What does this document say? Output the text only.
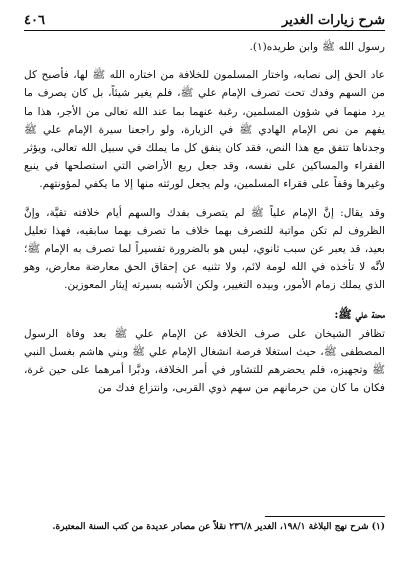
شرح زيارات الغدير
٤٠٦

رسول الله ﷺ وابن طريده(١).

عاد الحق إلى نصابه، واختار المسلمون للخلافة من اختاره الله ﷺ لها، فأصبح كل من السهم وفدك تحت تصرف الإمام علي ﷺ، فلم يغير شيئاً، بل كان يصرف ما يرد منهما في شؤون المسلمين، رغبة عنهما بما عند الله تعالى من الأجر، هذا ما يفهم من نص الإمام الهادي ﷺ في الزيارة، ولو راجعنا سيرة الإمام علي ﷺ وجدناها تتفق مع هذا النص، فقد كان ينفق كل ما يملك في سبيل الله تعالى، ويؤثر الفقراء والمساكين على نفسه، وقد جعل ريع الأراضي التي استصلحها في ينبع وغيرها وقفاً على فقراء المسلمين، ولم يجعل لورثته منها إلا ما يكفي لمؤونتهم.

وقد يقال: إنَّ الإمام علياً ﷺ لم يتصرف بفدك والسهم أيام خلافته تقيَّة، وإنَّ الظروف لم تكن مواتية للتصرف بهما خلاف ما تصرف بهما سابقيه، فهذا تعليل بعيد، قد يعبر عن سبب ثانوي، ليس هو بالضرورة تفسيراً لما تصرف به الإمام ﷺ؛ لأنَّه لا تأخذه في الله لومة لائم، ولا تثنيه عن إحقاق الحق معارضة معارض، وهو الذي يملك زمام الأمور، وبيده التغيير، ولكن الأشبه بسيرته إيثار المعوزين.

محنة علي ﷺ:

تظافر الشيخان على صرف الخلافة عن الإمام علي ﷺ بعد وفاة الرسول المصطفى ﷺ، حيث استغلا فرصة انشغال الإمام علي ﷺ وبني هاشم بغسل النبي ﷺ وتجهيزه، فلم يحضرهم للتشاور في أمر الخلافة، ودبَّرا أمرهما على حين غرة، فكان ما كان من حرمانهم من سهم ذوي القربى، وانتزاع فدك من

(١) شرح نهج البلاغة ١٩٨/١، الغدير ٢٣٦/٨ نقلاً عن مصادر عديدة من كتب السنة المعتبرة.
